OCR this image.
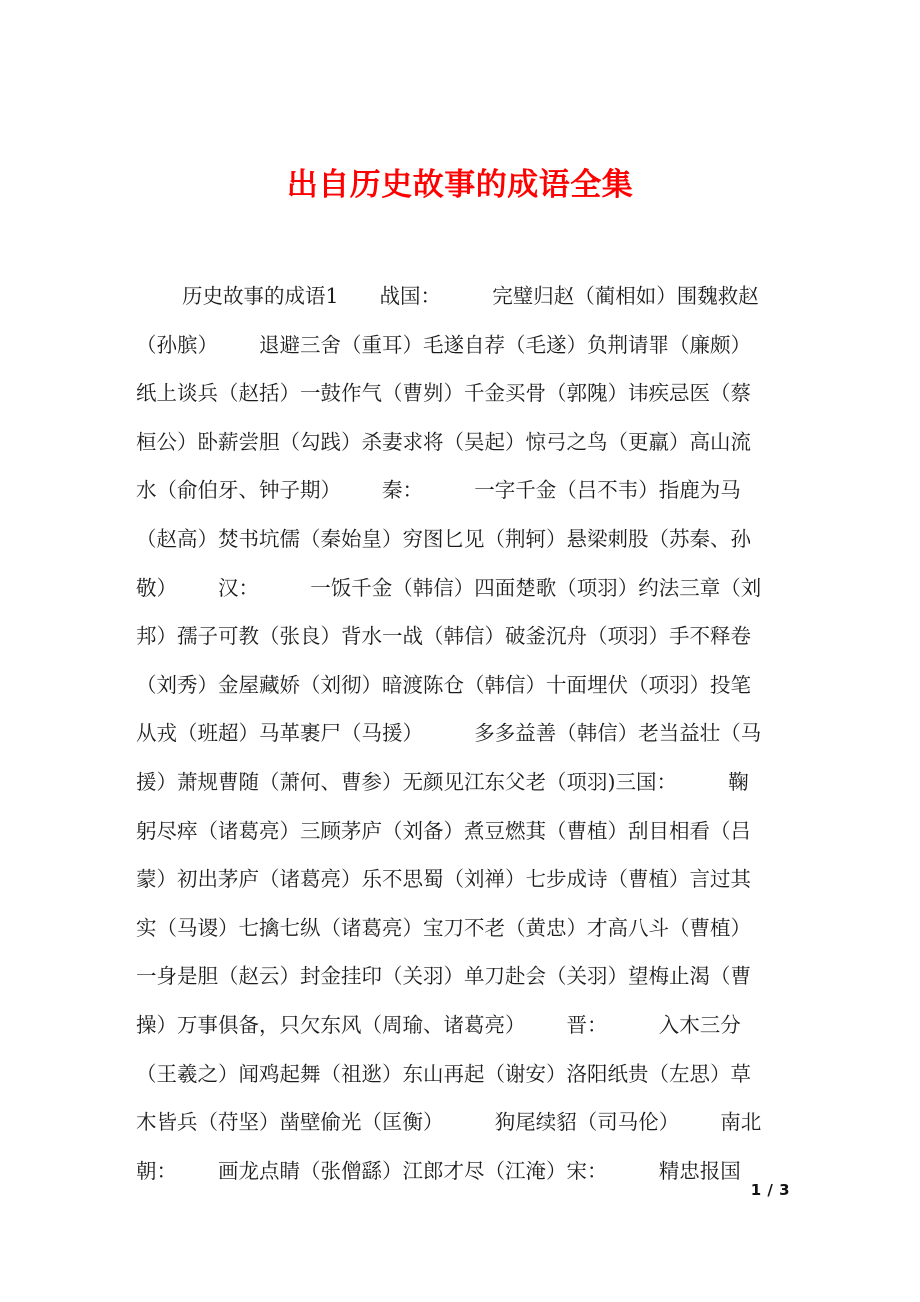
出自历史故事的成语全集
历史故事的成语1  战国：   完璧归赵（蔺相如）围魏救赵
（孙膑）  退避三舍（重耳）毛遂自荐（毛遂）负荆请罪（廉颇）
纸上谈兵（赵括）一鼓作气（曹刿）千金买骨（郭隗）讳疾忌医（蔡
桓公）卧薪尝胆（勾践）杀妻求将（吴起）惊弓之鸟（更羸）高山流
水（俞伯牙、钟子期）  秦：   一字千金（吕不韦）指鹿为马
（赵高）焚书坑儒（秦始皇）穷图匕见（荆轲）悬梁刺股（苏秦、孙
敬）  汉：   一饭千金（韩信）四面楚歌（项羽）约法三章（刘
邦）孺子可教（张良）背水一战（韩信）破釜沉舟（项羽）手不释卷
（刘秀）金屋藏娇（刘彻）暗渡陈仓（韩信）十面埋伏（项羽）投笔
从戎（班超）马革裹尸（马援）   多多益善（韩信）老当益壮（马
援）萧规曹随（萧何、曹参）无颜见江东父老（项羽)三国：   鞠
躬尽瘁（诸葛亮）三顾茅庐（刘备）煮豆燃萁（曹植）刮目相看（吕
蒙）初出茅庐（诸葛亮）乐不思蜀（刘禅）七步成诗（曹植）言过其
实（马谡）七擒七纵（诸葛亮）宝刀不老（黄忠）才高八斗（曹植）
一身是胆（赵云）封金挂印（关羽）单刀赴会（关羽）望梅止渴（曹
操）万事俱备，只欠东风（周瑜、诸葛亮）  晋：   入木三分
（王羲之）闻鸡起舞（祖逖）东山再起（谢安）洛阳纸贵（左思）草
木皆兵（苻坚）凿壁偷光（匡衡）   狗尾续貂（司马伦）  南北
朝：  画龙点睛（张僧繇）江郎才尽（江淹）宋：   精忠报国
1 / 3
